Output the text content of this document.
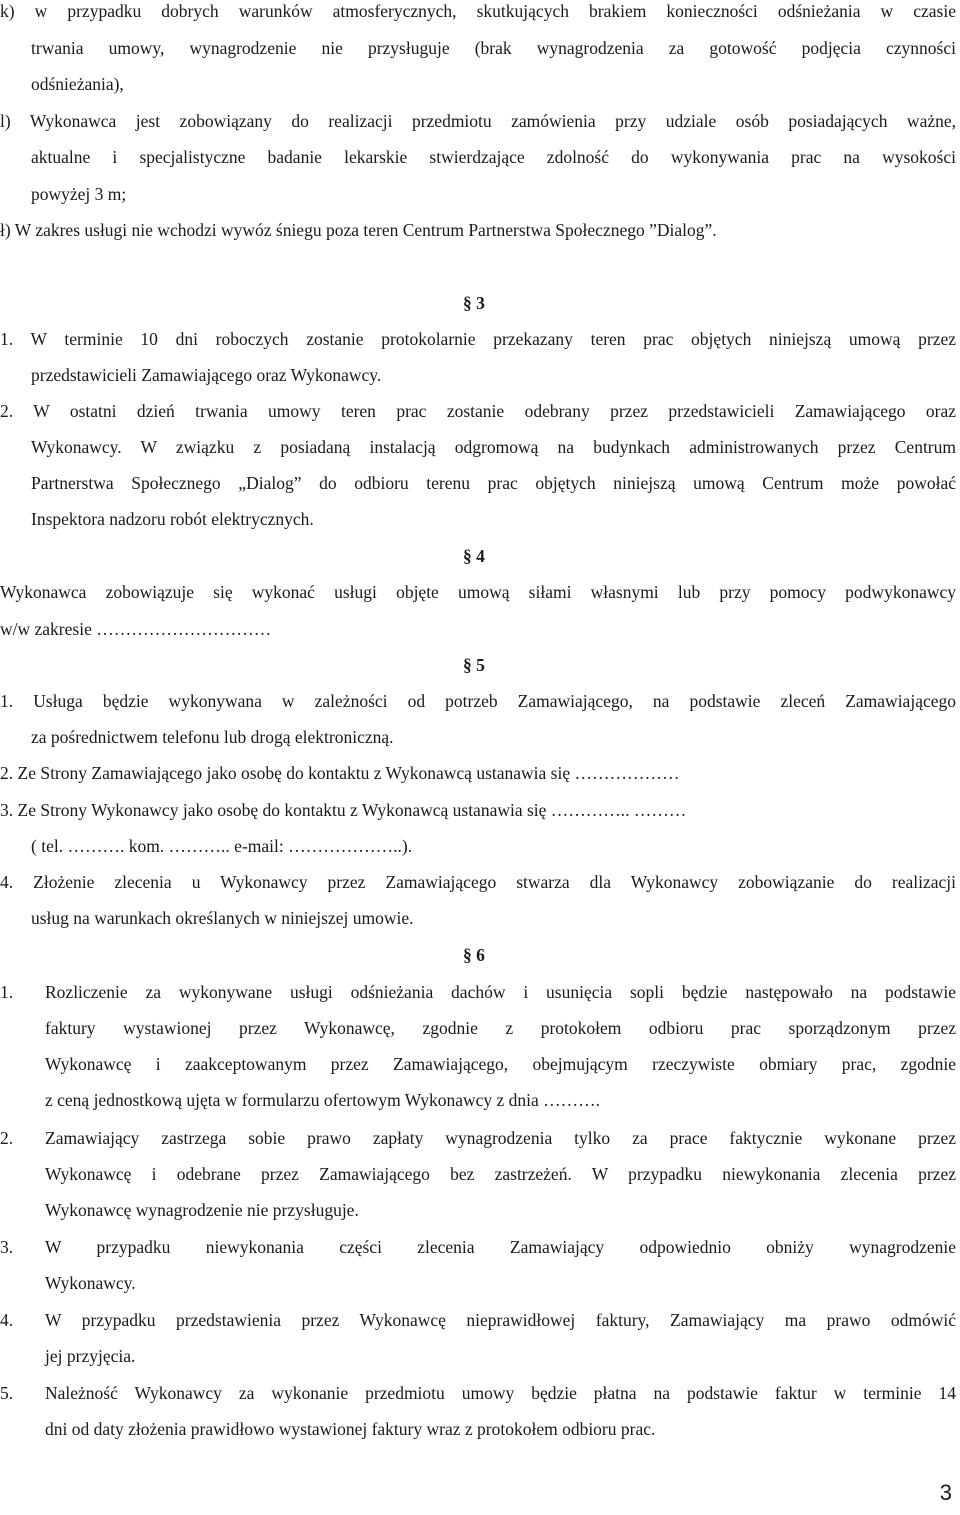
k) w przypadku dobrych warunków atmosferycznych, skutkujących brakiem konieczności odśnieżania w czasie
trwania umowy, wynagrodzenie nie przysługuje (brak wynagrodzenia za gotowość podjęcia czynności
odśnieżania),
l) Wykonawca jest zobowiązany do realizacji przedmiotu zamówienia przy udziale osób posiadających ważne,
aktualne i specjalistyczne badanie lekarskie stwierdzające zdolność do wykonywania prac na wysokości
powyżej 3 m;
ł) W zakres usługi nie wchodzi wywóz śniegu poza teren Centrum Partnerstwa Społecznego ”Dialog”.
§ 3
1. W terminie 10 dni roboczych zostanie protokolarnie przekazany teren prac objętych niniejszą umową przez
przedstawicieli Zamawiającego oraz Wykonawcy.
2. W ostatni dzień trwania umowy teren prac zostanie odebrany przez przedstawicieli Zamawiającego oraz
Wykonawcy. W związku z posiadaną instalacją odgromową na budynkach administrowanych przez Centrum
Partnerstwa Społecznego „Dialog” do odbioru terenu prac objętych niniejszą umową Centrum może powołać
Inspektora nadzoru robót elektrycznych.
§ 4
Wykonawca zobowiązuje się wykonać usługi objęte umową siłami własnymi lub przy pomocy podwykonawcy
w/w zakresie …………………………
§ 5
1. Usługa będzie wykonywana w zależności od potrzeb Zamawiającego, na podstawie zleceń Zamawiającego
za pośrednictwem telefonu lub drogą elektroniczną.
2. Ze Strony Zamawiającego jako osobę do kontaktu z Wykonawcą ustanawia się ………………
3. Ze Strony Wykonawcy jako osobę do kontaktu z Wykonawcą ustanawia się ………….. ………
( tel. ………. kom. ……….. e-mail: ………………..).
4. Złożenie zlecenia u Wykonawcy przez Zamawiającego stwarza dla Wykonawcy zobowiązanie do realizacji
usług na warunkach określanych w niniejszej umowie.
§ 6
1. Rozliczenie za wykonywane usługi odśnieżania dachów i usunięcia sopli będzie następowało na podstawie
faktury wystawionej przez Wykonawcę, zgodnie z protokołem odbioru prac sporządzonym przez
Wykonawcę i zaakceptowanym przez Zamawiającego, obejmującym rzeczywiste obmiary prac, zgodnie
z ceną jednostkową ujęta w formularzu ofertowym Wykonawcy z dnia ……….
2. Zamawiający zastrzega sobie prawo zapłaty wynagrodzenia tylko za prace faktycznie wykonane przez
Wykonawcę i odebrane przez Zamawiającego bez zastrzeżeń. W przypadku niewykonania zlecenia przez
Wykonawcę wynagrodzenie nie przysługuje.
3. W przypadku niewykonania części zlecenia Zamawiający odpowiednio obniży wynagrodzenie
Wykonawcy.
4. W przypadku przedstawienia przez Wykonawcę nieprawidłowej faktury, Zamawiający ma prawo odmówić
jej przyjęcia.
5. Należność Wykonawcy za wykonanie przedmiotu umowy będzie płatna na podstawie faktur w terminie 14
dni od daty złożenia prawidłowo wystawionej faktury wraz z protokołem odbioru prac.
3
